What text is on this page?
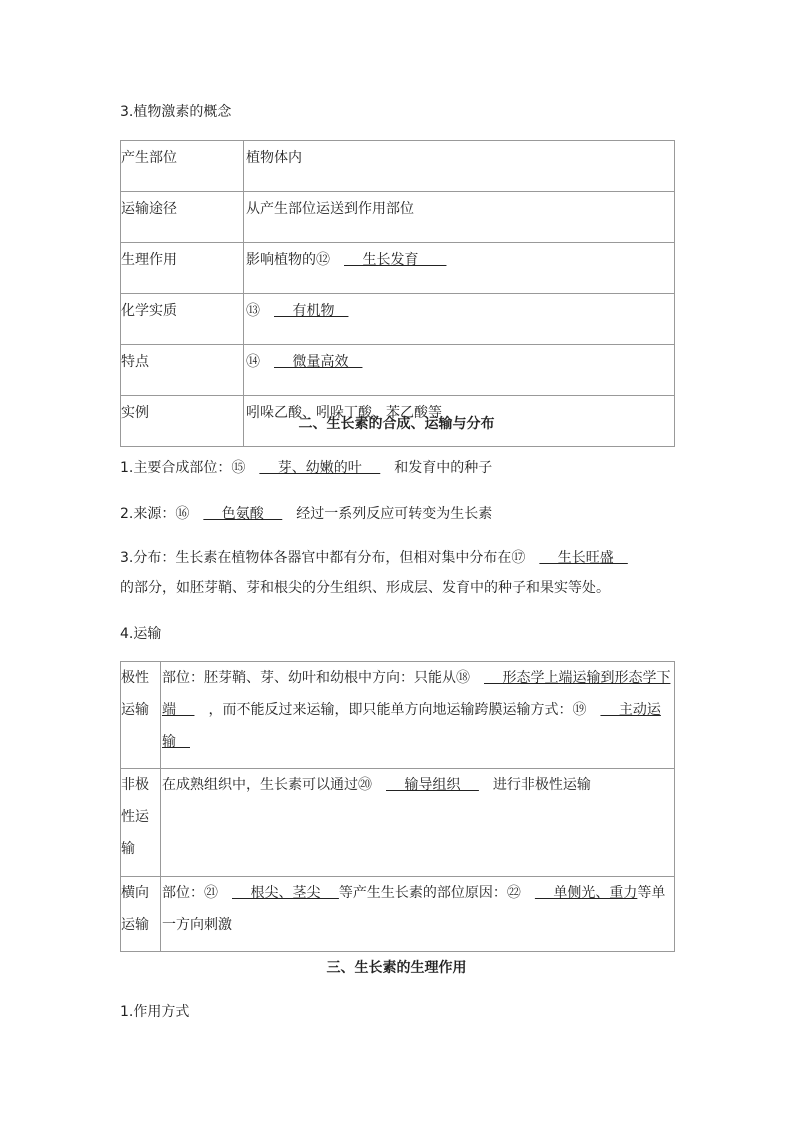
3.植物激素的概念
产生部位	植物体内
运输途径	从产生部位运送到作用部位
生理作用	影响植物的⑫　　 生长发育　　
化学实质	⑬　　 有机物　
特点	⑭　　 微量高效　
实例	吲哚乙酸、吲哚丁酸、苯乙酸等
二、生长素的合成、运输与分布
1.主要合成部位：⑮　　 芽、幼嫩的叶　 　和发育中的种子
2.来源：⑯　　 色氨酸　 　经过一系列反应可转变为生长素
3.分布：生长素在植物体各器官中都有分布，但相对集中分布在⑰　　 生长旺盛　
的部分，如胚芽鞘、芽和根尖的分生组织、形成层、发育中的种子和果实等处。
4.运输
极性运输	部位：胚芽鞘、芽、幼叶和幼根中方向：只能从⑱　　 形态学上端运输到形态学下端　 　，而不能反过来运输，即只能单方向地运输跨膜运输方式：⑲　　 主动运输　
非极性运输	在成熟组织中，生长素可以通过⑳　　 输导组织　 　进行非极性运输
横向运输	部位：㉑　　 根尖、茎尖　 等产生生长素的部位原因：㉒　　 单侧光、重力等单一方向刺激
三、生长素的生理作用
1.作用方式
